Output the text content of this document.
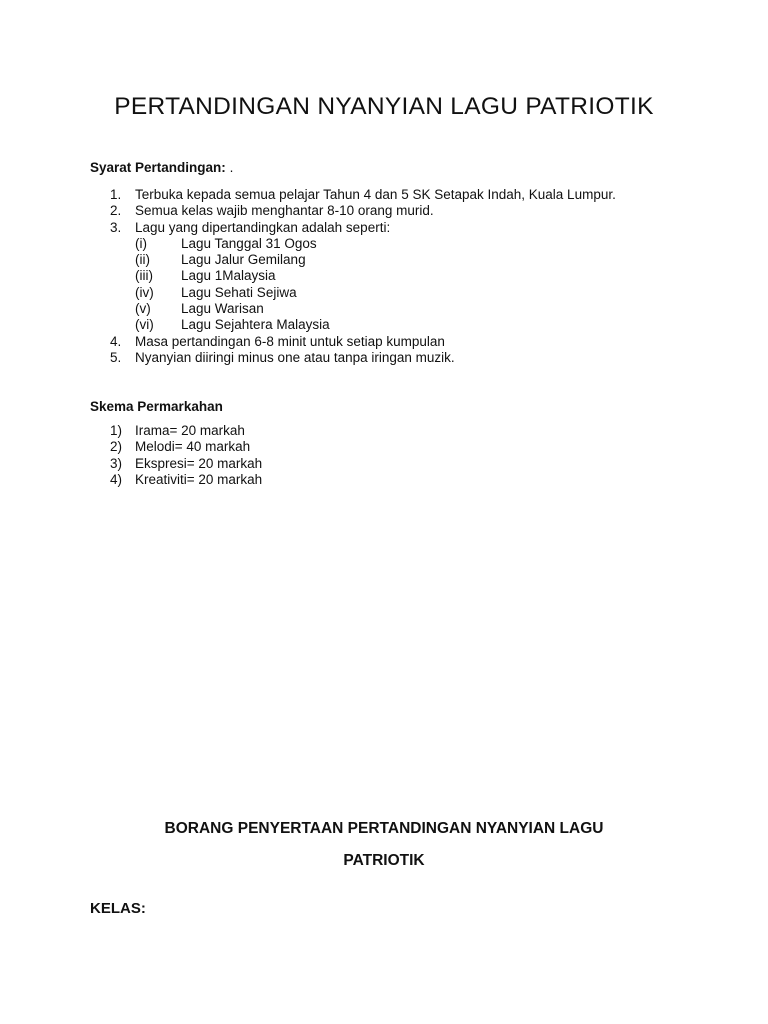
PERTANDINGAN NYANYIAN LAGU PATRIOTIK
Syarat Pertandingan: .
1. Terbuka kepada semua pelajar Tahun 4 dan 5 SK Setapak Indah, Kuala Lumpur.
2. Semua kelas wajib menghantar 8-10 orang murid.
3. Lagu yang dipertandingkan adalah seperti:
(i)	Lagu Tanggal 31 Ogos
(ii) Lagu Jalur Gemilang
(iii) Lagu 1Malaysia
(iv) Lagu Sehati Sejiwa
(v) Lagu Warisan
(vi) Lagu Sejahtera Malaysia
4. Masa pertandingan 6-8 minit untuk setiap kumpulan
5. Nyanyian diiringi minus one atau tanpa iringan muzik.
Skema Permarkahan
1) Irama= 20 markah
2) Melodi= 40 markah
3) Ekspresi= 20 markah
4) Kreativiti= 20 markah
BORANG PENYERTAAN PERTANDINGAN NYANYIAN LAGU
PATRIOTIK
KELAS:
